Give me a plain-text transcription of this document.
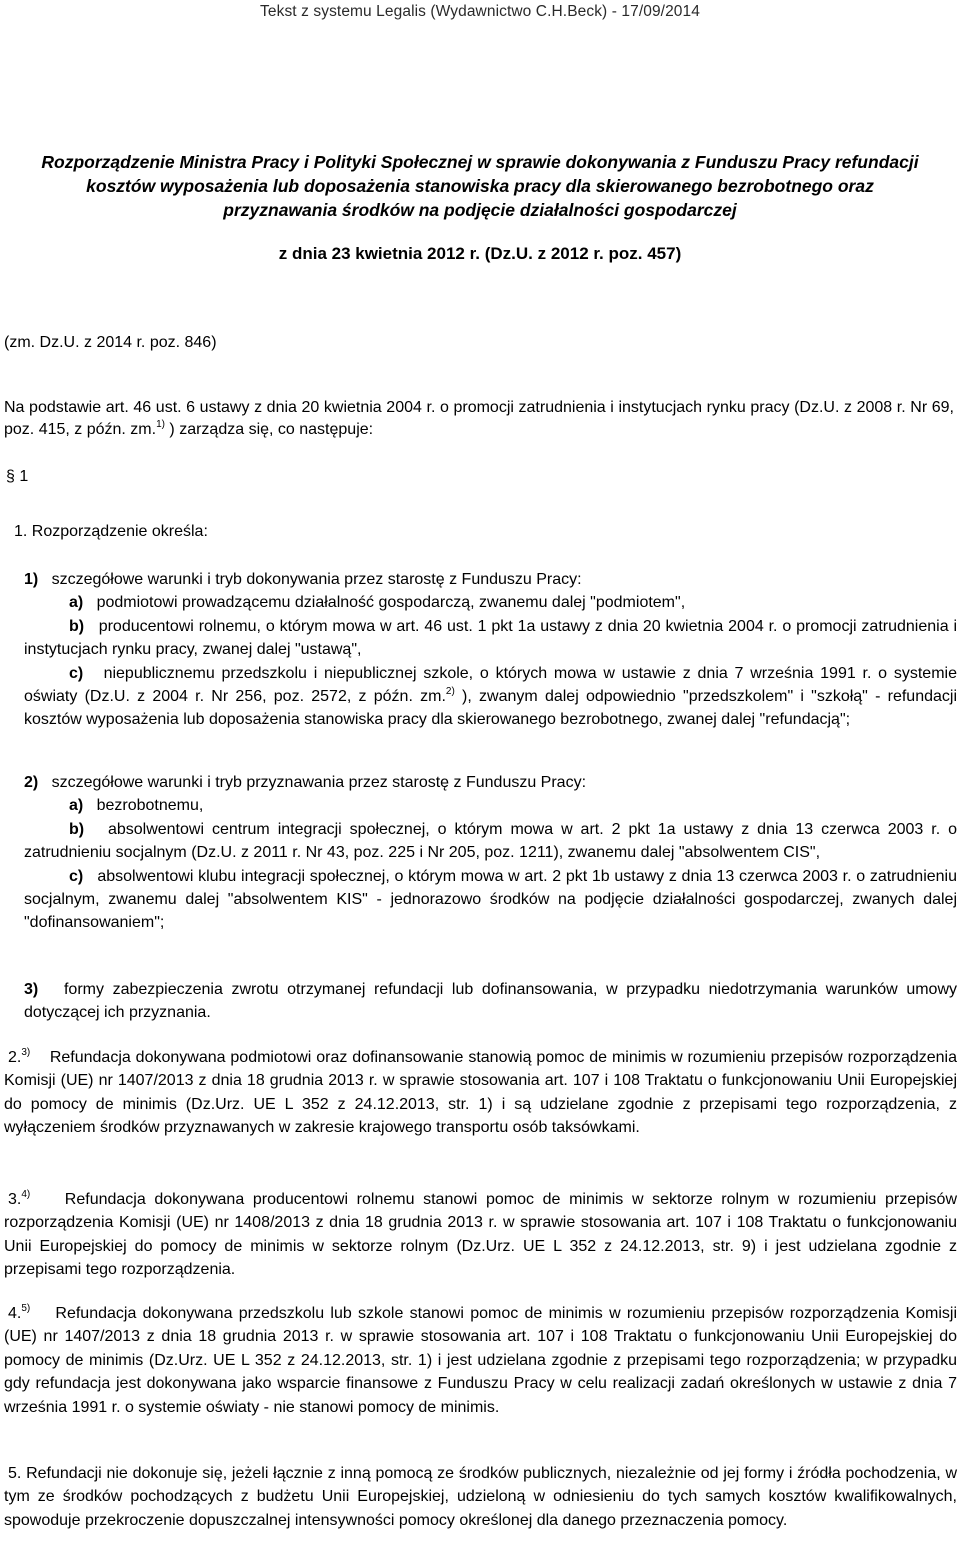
Tekst z systemu Legalis (Wydawnictwo C.H.Beck) - 17/09/2014

Rozporządzenie Ministra Pracy i Polityki Społecznej w sprawie dokonywania z Funduszu Pracy refundacji
kosztów wyposażenia lub doposażenia stanowiska pracy dla skierowanego bezrobotnego oraz
przyznawania środków na podjęcie działalności gospodarczej

z dnia 23 kwietnia 2012 r. (Dz.U. z 2012 r. poz. 457)

(zm. Dz.U. z 2014 r. poz. 846)

Na podstawie art. 46 ust. 6 ustawy z dnia 20 kwietnia 2004 r. o promocji zatrudnienia i instytucjach rynku pracy (Dz.U. z 2008 r. Nr 69, poz. 415, z późn. zm.$^{1)}$ ) zarządza się, co następuje:

§ 1

1. Rozporządzenie określa:

1) szczegółowe warunki i tryb dokonywania przez starostę z Funduszu Pracy:
a) podmiotowi prowadzącemu działalność gospodarczą, zwanemu dalej "podmiotem",
b) producentowi rolnemu, o którym mowa w art. 46 ust. 1 pkt 1a ustawy z dnia 20 kwietnia 2004 r. o promocji zatrudnienia i instytucjach rynku pracy, zwanej dalej "ustawą",
c) niepublicznemu przedszkolu i niepublicznej szkole, o których mowa w ustawie z dnia 7 września 1991 r. o systemie oświaty (Dz.U. z 2004 r. Nr 256, poz. 2572, z późn. zm.$^{2)}$ ), zwanym dalej odpowiednio "przedszkolem" i "szkołą" - refundacji kosztów wyposażenia lub doposażenia stanowiska pracy dla skierowanego bezrobotnego, zwanej dalej "refundacją";
2) szczegółowe warunki i tryb przyznawania przez starostę z Funduszu Pracy:
a) bezrobotnemu,
b) absolwentowi centrum integracji społecznej, o którym mowa w art. 2 pkt 1a ustawy z dnia 13 czerwca 2003 r. o zatrudnieniu socjalnym (Dz.U. z 2011 r. Nr 43, poz. 225 i Nr 205, poz. 1211), zwanemu dalej "absolwentem CIS",
c) absolwentowi klubu integracji społecznej, o którym mowa w art. 2 pkt 1b ustawy z dnia 13 czerwca 2003 r. o zatrudnieniu socjalnym, zwanemu dalej "absolwentem KIS" - jednorazowo środków na podjęcie działalności gospodarczej, zwanych dalej "dofinansowaniem";
3) formy zabezpieczenia zwrotu otrzymanej refundacji lub dofinansowania, w przypadku niedotrzymania warunków umowy dotyczącej ich przyznania.
2.$^{3)}$ Refundacja dokonywana podmiotowi oraz dofinansowanie stanowią pomoc de minimis w rozumieniu przepisów rozporządzenia Komisji (UE) nr 1407/2013 z dnia 18 grudnia 2013 r. w sprawie stosowania art. 107 i 108 Traktatu o funkcjonowaniu Unii Europejskiej do pomocy de minimis (Dz.Urz. UE L 352 z 24.12.2013, str. 1) i są udzielane zgodnie z przepisami tego rozporządzenia, z wyłączeniem środków przyznawanych w zakresie krajowego transportu osób taksówkami.
3.$^{4)}$ Refundacja dokonywana producentowi rolnemu stanowi pomoc de minimis w sektorze rolnym w rozumieniu przepisów rozporządzenia Komisji (UE) nr 1408/2013 z dnia 18 grudnia 2013 r. w sprawie stosowania art. 107 i 108 Traktatu o funkcjonowaniu Unii Europejskiej do pomocy de minimis w sektorze rolnym (Dz.Urz. UE L 352 z 24.12.2013, str. 9) i jest udzielana zgodnie z przepisami tego rozporządzenia.
4.$^{5)}$ Refundacja dokonywana przedszkolu lub szkole stanowi pomoc de minimis w rozumieniu przepisów rozporządzenia Komisji (UE) nr 1407/2013 z dnia 18 grudnia 2013 r. w sprawie stosowania art. 107 i 108 Traktatu o funkcjonowaniu Unii Europejskiej do pomocy de minimis (Dz.Urz. UE L 352 z 24.12.2013, str. 1) i jest udzielana zgodnie z przepisami tego rozporządzenia; w przypadku gdy refundacja jest dokonywana jako wsparcie finansowe z Funduszu Pracy w celu realizacji zadań określonych w ustawie z dnia 7 września 1991 r. o systemie oświaty - nie stanowi pomocy de minimis.
5. Refundacji nie dokonuje się, jeżeli łącznie z inną pomocą ze środków publicznych, niezależnie od jej formy i źródła pochodzenia, w tym ze środków pochodzących z budżetu Unii Europejskiej, udzieloną w odniesieniu do tych samych kosztów kwalifikowalnych, spowoduje przekroczenie dopuszczalnej intensywności pomocy określonej dla danego przeznaczenia pomocy.
